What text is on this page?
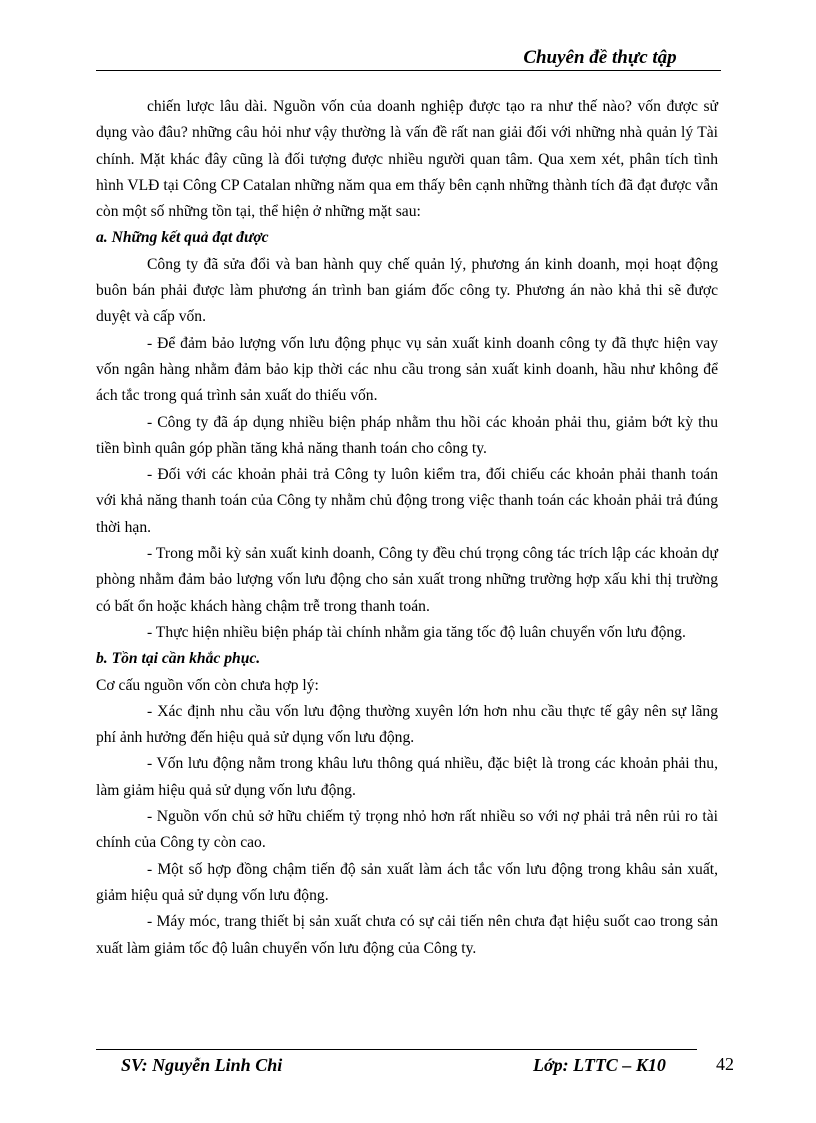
Chuyên đề thực tập

chiến lược lâu dài. Nguồn vốn của doanh nghiệp được tạo ra như thế nào? vốn được sử dụng vào đâu? những câu hỏi như vậy thường là vấn đề rất nan giải đối với những nhà quản lý Tài chính. Mặt khác đây cũng là đối tượng được nhiều người quan tâm. Qua xem xét, phân tích tình hình VLĐ tại Công CP Catalan những năm qua em thấy bên cạnh những thành tích đã đạt được vẫn còn một số những tồn tại, thể hiện ở những mặt sau:

a. Những kết quả đạt được

Công ty đã sửa đổi và ban hành quy chế quản lý, phương án kinh doanh, mọi hoạt động buôn bán phải được làm phương án trình ban giám đốc công ty. Phương án nào khả thi sẽ được duyệt và cấp vốn.

- Để đảm bảo lượng vốn lưu động phục vụ sản xuất kinh doanh công ty đã thực hiện vay vốn ngân hàng nhằm đảm bảo kịp thời các nhu cầu trong sản xuất kinh doanh, hầu như không để ách tắc trong quá trình sản xuất do thiếu vốn.

- Công ty đã áp dụng nhiều biện pháp nhằm thu hồi các khoản phải thu, giảm bớt kỳ thu tiền bình quân góp phần tăng khả năng thanh toán cho công ty.

- Đối với các khoản phải trả Công ty luôn kiểm tra, đối chiếu các khoản phải thanh toán với khả năng thanh toán của Công ty nhằm chủ động trong việc thanh toán các khoản phải trả đúng thời hạn.

- Trong mỗi kỳ sản xuất kinh doanh, Công ty đều chú trọng công tác trích lập các khoản dự phòng nhằm đảm bảo lượng vốn lưu động cho sản xuất trong những trường hợp xấu khi thị trường có bất ổn hoặc khách hàng chậm trễ trong thanh toán.

- Thực hiện nhiều biện pháp tài chính nhằm gia tăng tốc độ luân chuyển vốn lưu động.

b. Tồn tại cần khắc phục.

Cơ cấu nguồn vốn còn chưa hợp lý:

- Xác định nhu cầu vốn lưu động thường xuyên lớn hơn nhu cầu thực tế gây nên sự lãng phí ảnh hưởng đến hiệu quả sử dụng vốn lưu động.

- Vốn lưu động nằm trong khâu lưu thông quá nhiều, đặc biệt là trong các khoản phải thu, làm giảm hiệu quả sử dụng vốn lưu động.

- Nguồn vốn chủ sở hữu chiếm tỷ trọng nhỏ hơn rất nhiều so với nợ phải trả nên rủi ro tài chính của Công ty còn cao.

- Một số hợp đồng chậm tiến độ sản xuất làm ách tắc vốn lưu động trong khâu sản xuất, giảm hiệu quả sử dụng vốn lưu động.

- Máy móc, trang thiết bị sản xuất chưa có sự cải tiến nên chưa đạt hiệu suốt cao trong sản xuất làm giảm tốc độ luân chuyển vốn lưu động của Công ty.

SV: Nguyễn Linh Chi	Lớp: LTTC – K10	42
